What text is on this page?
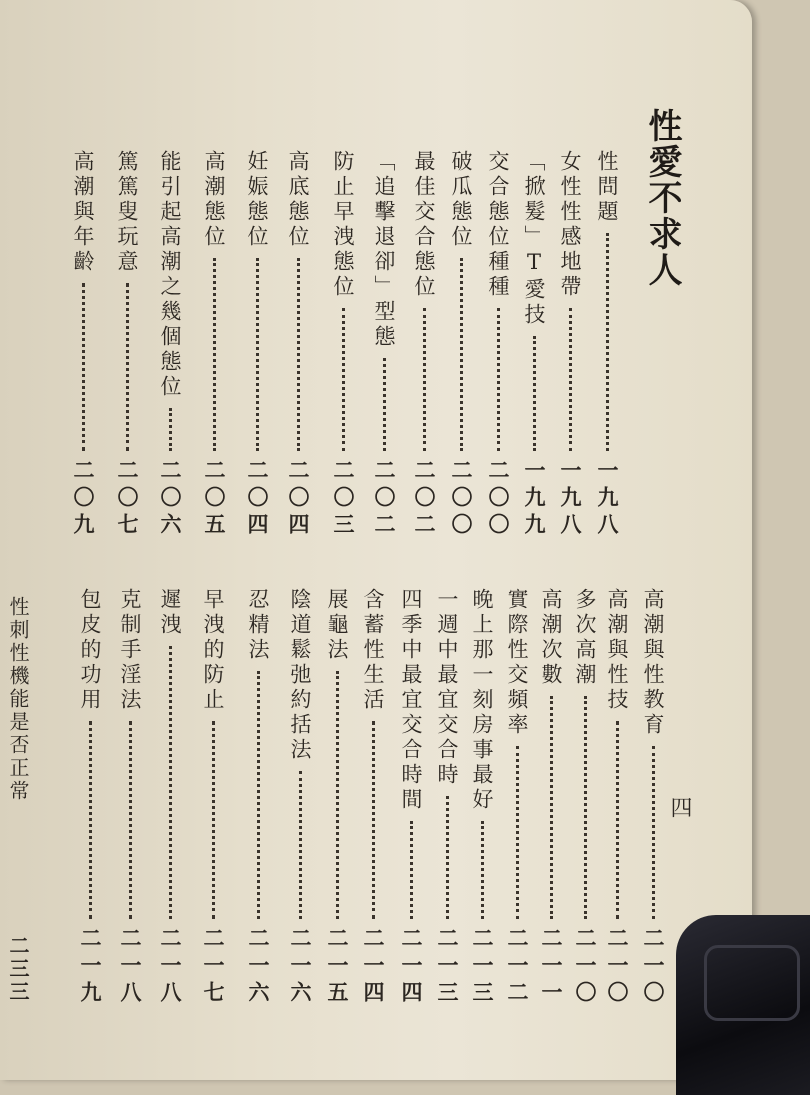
性愛不求人
四
性問題
一九八
女性性感地帶
一九八
「掀髮」T愛技
一九九
交合態位種種
二〇〇
破瓜態位
二〇〇
最佳交合態位
二〇二
「追擊退卻」型態
二〇二
防止早洩態位
二〇三
高底態位
二〇四
妊娠態位
二〇四
高潮態位
二〇五
能引起高潮之幾個態位
二〇六
篤篤叟玩意
二〇七
高潮與年齡
二〇九
高潮與性教育
二一〇
高潮與性技
二一〇
多次高潮
二一〇
高潮次數
二一一
實際性交頻率
二一二
晚上那一刻房事最好
二一三
一週中最宜交合時
二一三
四季中最宜交合時間
二一四
含蓄性生活
二一四
展龜法
二一五
陰道鬆弛約括法
二一六
忍精法
二一六
早洩的防止
二一七
遲洩
二一八
克制手淫法
二一八
包皮的功用
二一九
性刺性機能是否正常
二三三
